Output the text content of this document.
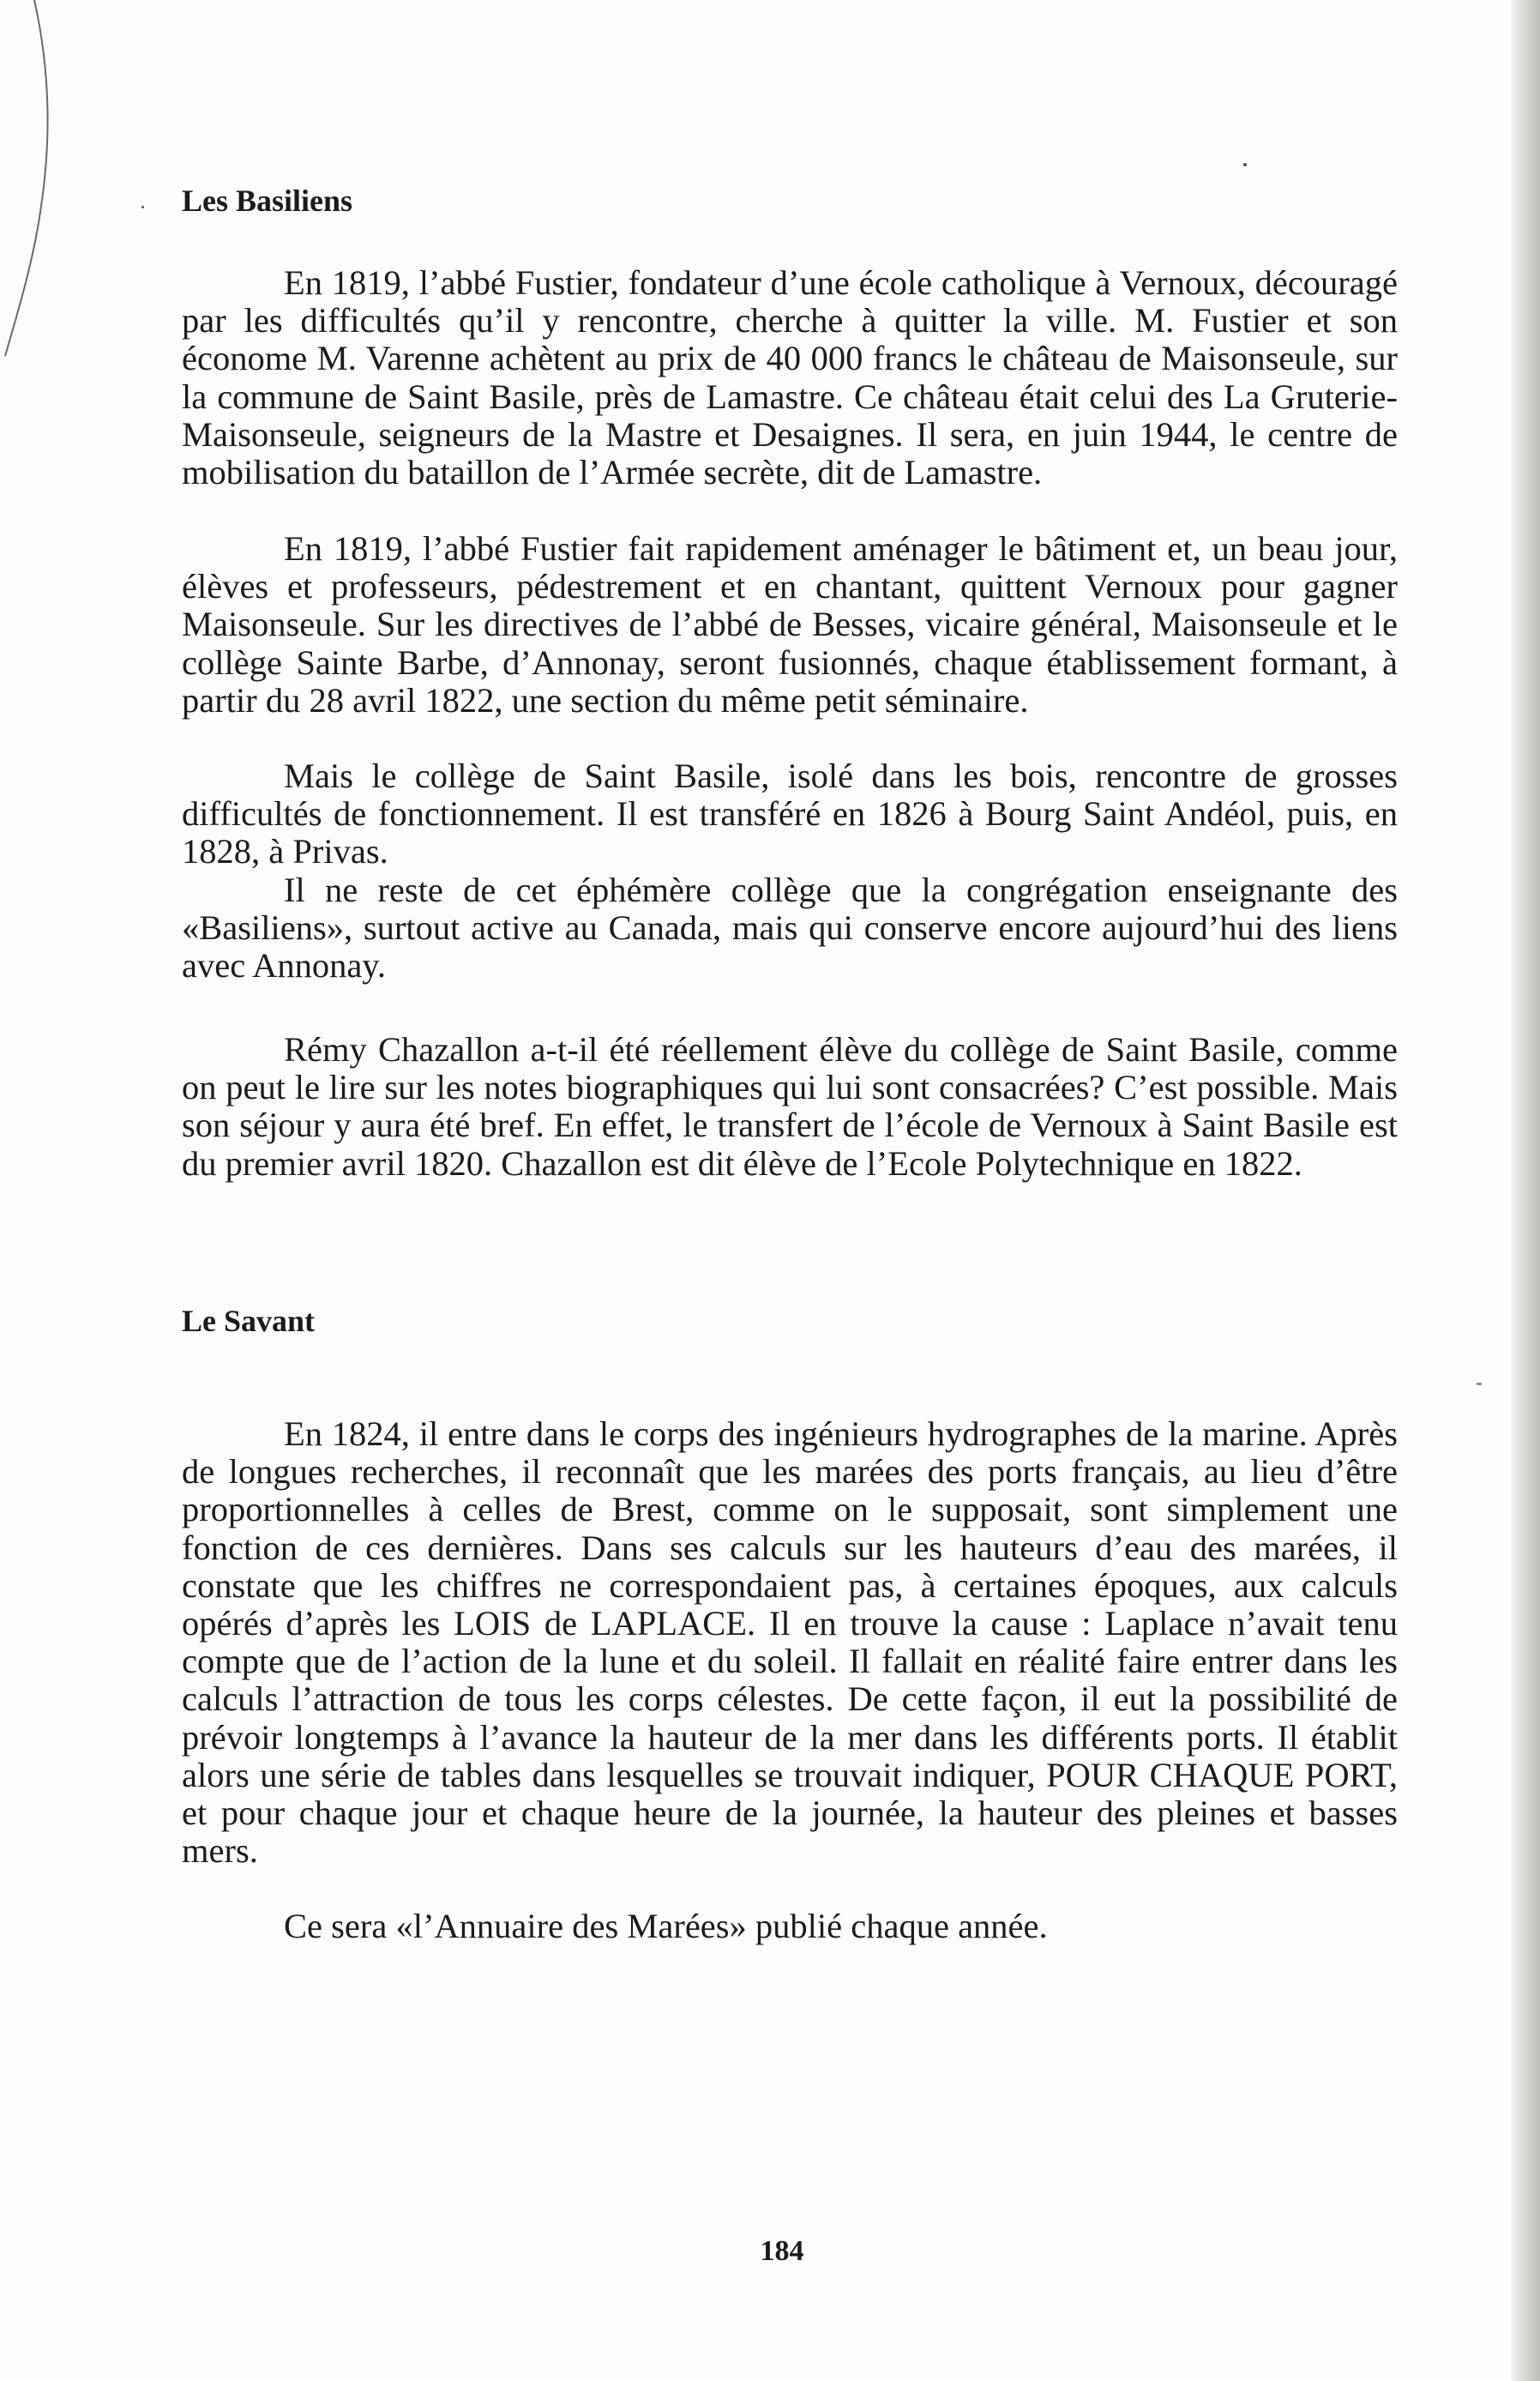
Les Basiliens

En 1819, l’abbé Fustier, fondateur d’une école catholique à Vernoux, découragé par les difficultés qu’il y rencontre, cherche à quitter la ville. M. Fustier et son économe M. Varenne achètent au prix de 40 000 francs le château de Maisonseule, sur la commune de Saint Basile, près de Lamastre. Ce château était celui des La Gruterie-Maisonseule, seigneurs de la Mastre et Desaignes. Il sera, en juin 1944, le centre de mobilisation du bataillon de l’Armée secrète, dit de Lamastre.

En 1819, l’abbé Fustier fait rapidement aménager le bâtiment et, un beau jour, élèves et professeurs, pédestrement et en chantant, quittent Vernoux pour gagner Maisonseule. Sur les directives de l’abbé de Besses, vicaire général, Maisonseule et le collège Sainte Barbe, d’Annonay, seront fusionnés, chaque établissement formant, à partir du 28 avril 1822, une section du même petit séminaire.

Mais le collège de Saint Basile, isolé dans les bois, rencontre de grosses difficultés de fonctionnement. Il est transféré en 1826 à Bourg Saint Andéol, puis, en 1828, à Privas.

Il ne reste de cet éphémère collège que la congrégation enseignante des «Basiliens», surtout active au Canada, mais qui conserve encore aujourd’hui des liens avec Annonay.

Rémy Chazallon a-t-il été réellement élève du collège de Saint Basile, comme on peut le lire sur les notes biographiques qui lui sont consacrées? C’est possible. Mais son séjour y aura été bref. En effet, le transfert de l’école de Vernoux à Saint Basile est du premier avril 1820. Chazallon est dit élève de l’Ecole Polytechnique en 1822.

Le Savant

En 1824, il entre dans le corps des ingénieurs hydrographes de la marine. Après de longues recherches, il reconnaît que les marées des ports français, au lieu d’être proportionnelles à celles de Brest, comme on le supposait, sont simplement une fonction de ces dernières. Dans ses calculs sur les hauteurs d’eau des marées, il constate que les chiffres ne correspondaient pas, à certaines époques, aux calculs opérés d’après les LOIS de LAPLACE. Il en trouve la cause : Laplace n’avait tenu compte que de l’action de la lune et du soleil. Il fallait en réalité faire entrer dans les calculs l’attraction de tous les corps célestes. De cette façon, il eut la possibilité de prévoir longtemps à l’avance la hauteur de la mer dans les différents ports. Il établit alors une série de tables dans lesquelles se trouvait indiquer, POUR CHAQUE PORT, et pour chaque jour et chaque heure de la journée, la hauteur des pleines et basses mers.

Ce sera «l’Annuaire des Marées» publié chaque année.

184
